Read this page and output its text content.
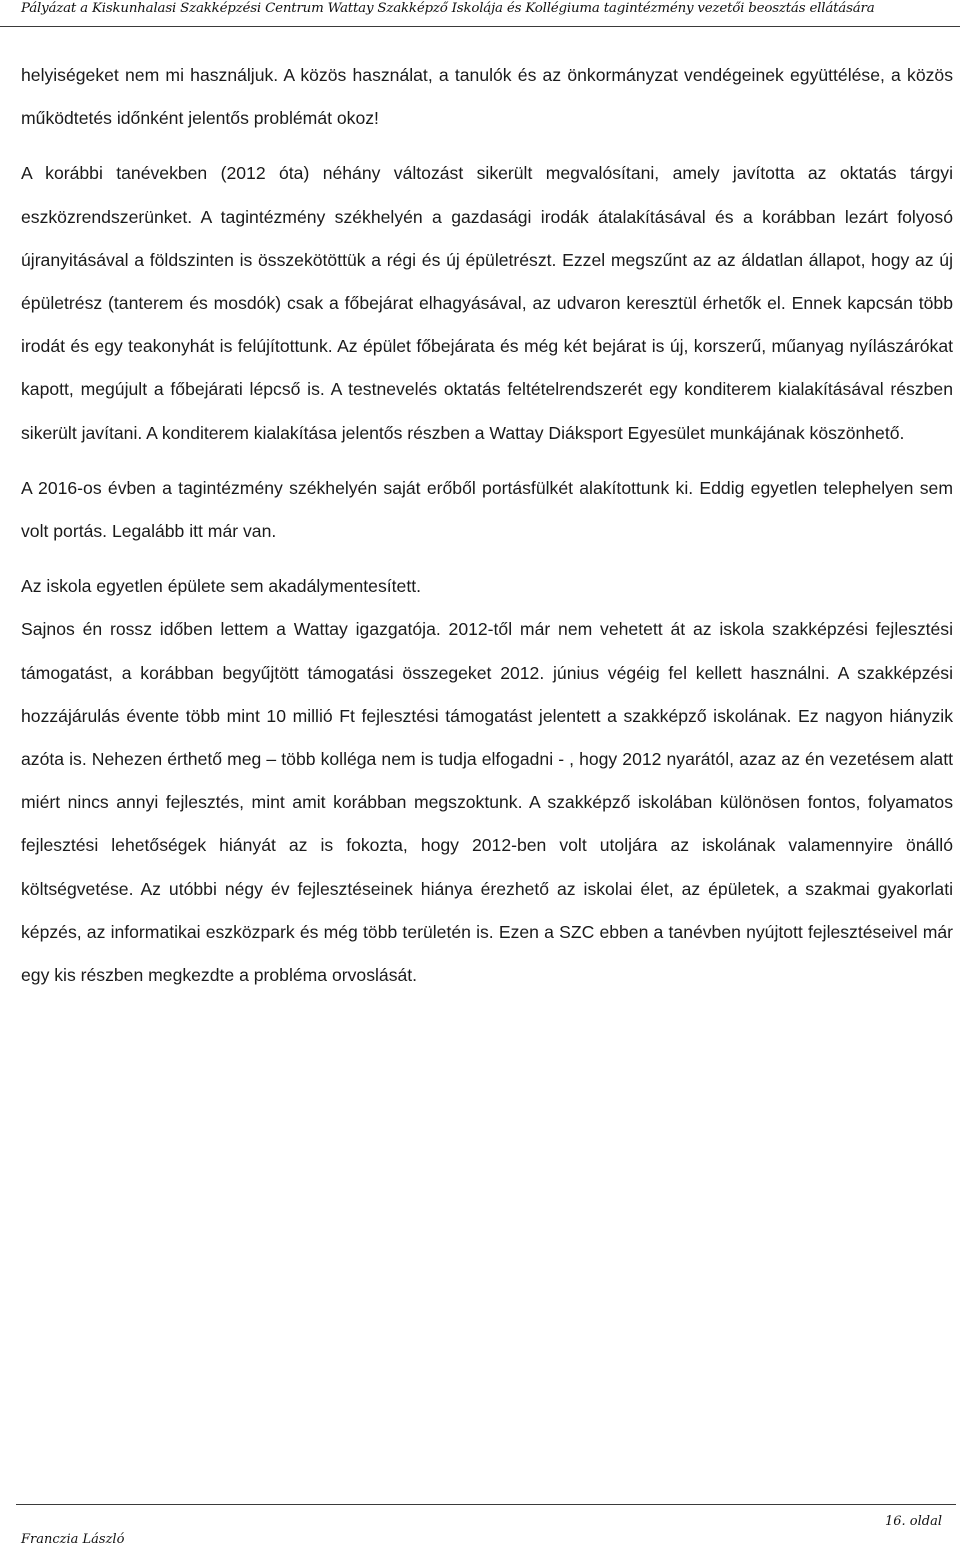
Pályázat a Kiskunhalasi Szakképzési Centrum Wattay Szakképző Iskolája és Kollégiuma tagintézmény vezetői beosztás ellátására

helyiségeket nem mi használjuk. A közös használat, a tanulók és az önkormányzat vendégeinek együttélése, a közös működtetés időnként jelentős problémát okoz!

A korábbi tanévekben (2012 óta) néhány változást sikerült megvalósítani, amely javította az oktatás tárgyi eszközrendszerünket. A tagintézmény székhelyén a gazdasági irodák átalakításával és a korábban lezárt folyosó újranyitásával a földszinten is összekötöttük a régi és új épületrészt. Ezzel megszűnt az az áldatlan állapot, hogy az új épületrész (tanterem és mosdók) csak a főbejárat elhagyásával, az udvaron keresztül érhetők el. Ennek kapcsán több irodát és egy teakonyhát is felújítottunk. Az épület főbejárata és még két bejárat is új, korszerű, műanyag nyílászárókat kapott, megújult a főbejárati lépcső is. A testnevelés oktatás feltételrendszerét egy konditerem kialakításával részben sikerült javítani. A konditerem kialakítása jelentős részben a Wattay Diáksport Egyesület munkájának köszönhető.

A 2016-os évben a tagintézmény székhelyén saját erőből portásfülkét alakítottunk ki. Eddig egyetlen telephelyen sem volt portás. Legalább itt már van.

Az iskola egyetlen épülete sem akadálymentesített.

Sajnos én rossz időben lettem a Wattay igazgatója. 2012-től már nem vehetett át az iskola szakképzési fejlesztési támogatást, a korábban begyűjtött támogatási összegeket 2012. június végéig fel kellett használni. A szakképzési hozzájárulás évente több mint 10 millió Ft fejlesztési támogatást jelentett a szakképző iskolának. Ez nagyon hiányzik azóta is. Nehezen érthető meg – több kolléga nem is tudja elfogadni - , hogy 2012 nyarától, azaz az én vezetésem alatt miért nincs annyi fejlesztés, mint amit korábban megszoktunk. A szakképző iskolában különösen fontos, folyamatos fejlesztési lehetőségek hiányát az is fokozta, hogy 2012-ben volt utoljára az iskolának valamennyire önálló költségvetése. Az utóbbi négy év fejlesztéseinek hiánya érezhető az iskolai élet, az épületek, a szakmai gyakorlati képzés, az informatikai eszközpark és még több területén is. Ezen a SZC ebben a tanévben nyújtott fejlesztéseivel már egy kis részben megkezdte a probléma orvoslását.

Franczia László
16. oldal
